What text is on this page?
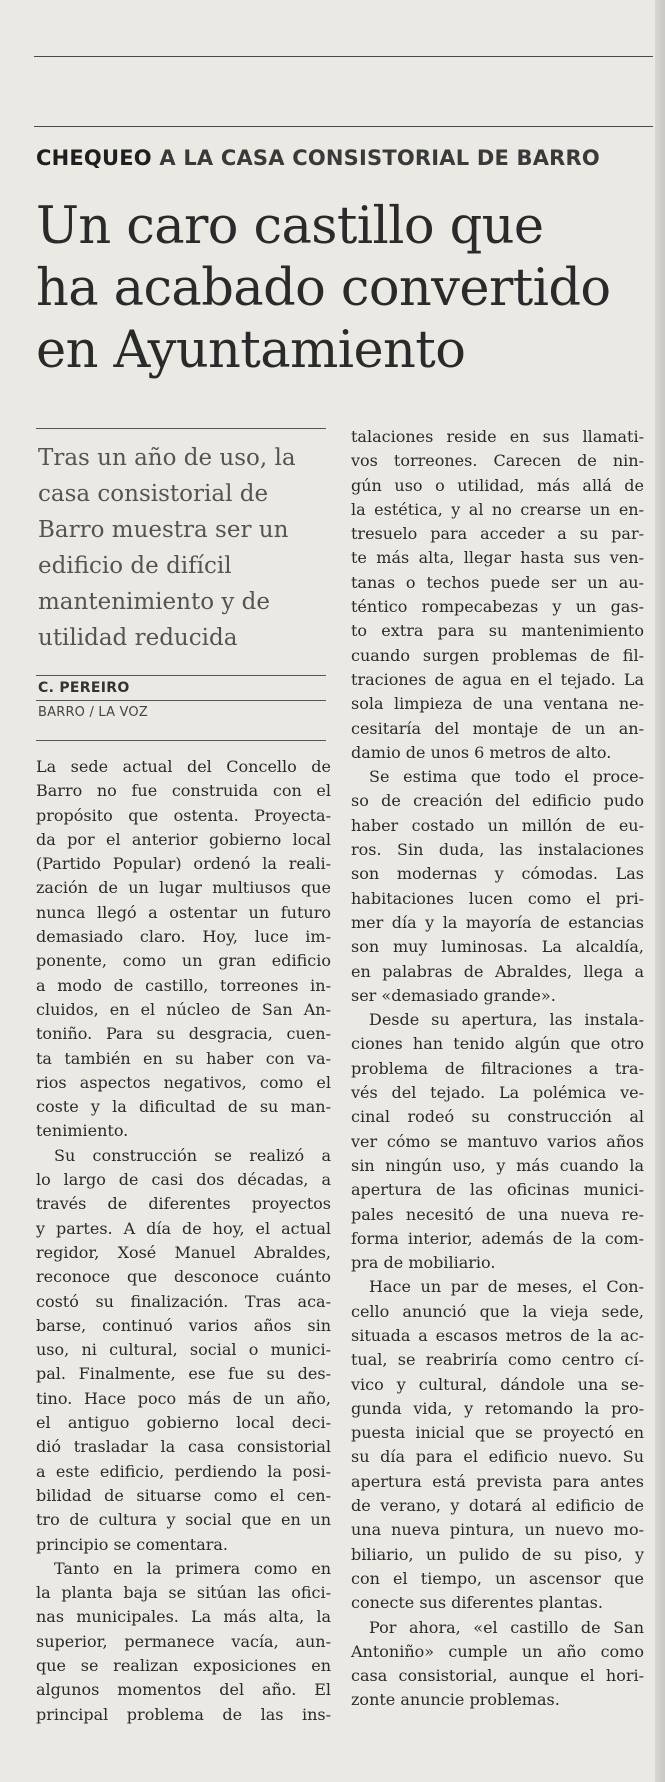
CHEQUEO A LA CASA CONSISTORIAL DE BARRO
Un caro castillo que
ha acabado convertido
en Ayuntamiento
Tras un año de uso, la
casa consistorial de
Barro muestra ser un
edificio de difícil
mantenimiento y de
utilidad reducida
C. PEREIRO
BARRO / LA VOZ
La sede actual del Concello de
Barro no fue construida con el
propósito que ostenta. Proyecta-
da por el anterior gobierno local
(Partido Popular) ordenó la reali-
zación de un lugar multiusos que
nunca llegó a ostentar un futuro
demasiado claro. Hoy, luce im-
ponente, como un gran edificio
a modo de castillo, torreones in-
cluidos, en el núcleo de San An-
toniño. Para su desgracia, cuen-
ta también en su haber con va-
rios aspectos negativos, como el
coste y la dificultad de su man-
tenimiento.
Su construcción se realizó a
lo largo de casi dos décadas, a
través de diferentes proyectos
y partes. A día de hoy, el actual
regidor, Xosé Manuel Abraldes,
reconoce que desconoce cuánto
costó su finalización. Tras aca-
barse, continuó varios años sin
uso, ni cultural, social o munici-
pal. Finalmente, ese fue su des-
tino. Hace poco más de un año,
el antiguo gobierno local deci-
dió trasladar la casa consistorial
a este edificio, perdiendo la posi-
bilidad de situarse como el cen-
tro de cultura y social que en un
principio se comentara.
Tanto en la primera como en
la planta baja se sitúan las ofici-
nas municipales. La más alta, la
superior, permanece vacía, aun-
que se realizan exposiciones en
algunos momentos del año. El
principal problema de las ins-
talaciones reside en sus llamati-
vos torreones. Carecen de nin-
gún uso o utilidad, más allá de
la estética, y al no crearse un en-
tresuelo para acceder a su par-
te más alta, llegar hasta sus ven-
tanas o techos puede ser un au-
téntico rompecabezas y un gas-
to extra para su mantenimiento
cuando surgen problemas de fil-
traciones de agua en el tejado. La
sola limpieza de una ventana ne-
cesitaría del montaje de un an-
damio de unos 6 metros de alto.
Se estima que todo el proce-
so de creación del edificio pudo
haber costado un millón de eu-
ros. Sin duda, las instalaciones
son modernas y cómodas. Las
habitaciones lucen como el pri-
mer día y la mayoría de estancias
son muy luminosas. La alcaldía,
en palabras de Abraldes, llega a
ser «demasiado grande».
Desde su apertura, las instala-
ciones han tenido algún que otro
problema de filtraciones a tra-
vés del tejado. La polémica ve-
cinal rodeó su construcción al
ver cómo se mantuvo varios años
sin ningún uso, y más cuando la
apertura de las oficinas munici-
pales necesitó de una nueva re-
forma interior, además de la com-
pra de mobiliario.
Hace un par de meses, el Con-
cello anunció que la vieja sede,
situada a escasos metros de la ac-
tual, se reabriría como centro cí-
vico y cultural, dándole una se-
gunda vida, y retomando la pro-
puesta inicial que se proyectó en
su día para el edificio nuevo. Su
apertura está prevista para antes
de verano, y dotará al edificio de
una nueva pintura, un nuevo mo-
biliario, un pulido de su piso, y
con el tiempo, un ascensor que
conecte sus diferentes plantas.
Por ahora, «el castillo de San
Antoniño» cumple un año como
casa consistorial, aunque el hori-
zonte anuncie problemas.
